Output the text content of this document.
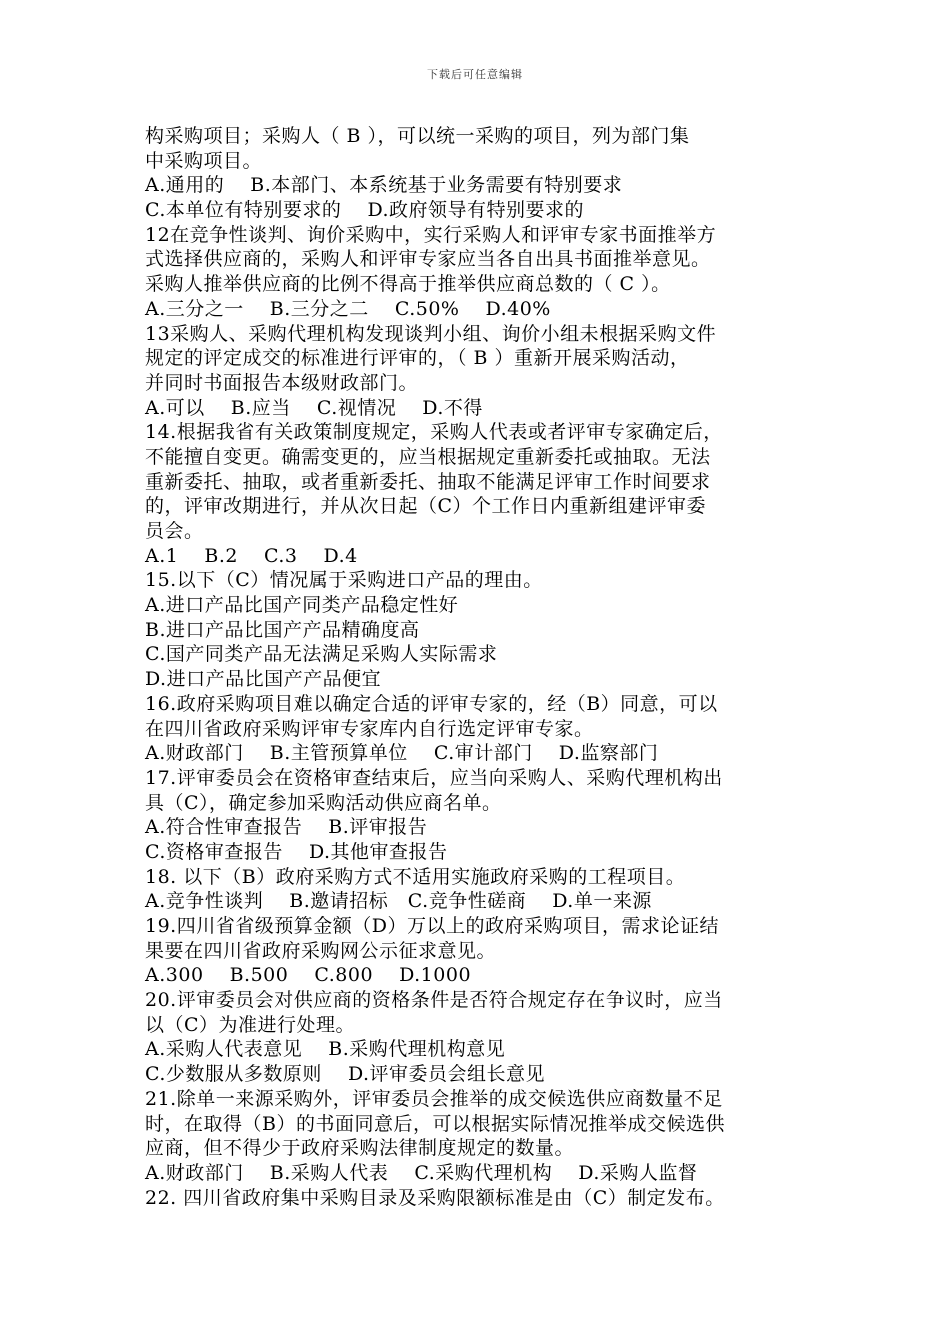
下载后可任意编辑
构采购项目；采购人（ B ），可以统一采购的项目，列为部门集
中采购项目。
A.通用的　 B.本部门、本系统基于业务需要有特别要求
C.本单位有特别要求的　 D.政府领导有特别要求的
12在竞争性谈判、询价采购中，实行采购人和评审专家书面推举方
式选择供应商的，采购人和评审专家应当各自出具书面推举意见。
采购人推举供应商的比例不得高于推举供应商总数的（ C ）。
A.三分之一　 B.三分之二　 C.50%　 D.40%
13采购人、采购代理机构发现谈判小组、询价小组未根据采购文件
规定的评定成交的标准进行评审的，（ B ）重新开展采购活动，
并同时书面报告本级财政部门。
A.可以　 B.应当　 C.视情况　 D.不得
14.根据我省有关政策制度规定，采购人代表或者评审专家确定后，
不能擅自变更。确需变更的，应当根据规定重新委托或抽取。无法
重新委托、抽取，或者重新委托、抽取不能满足评审工作时间要求
的，评审改期进行，并从次日起（C）个工作日内重新组建评审委
员会。
A.1　 B.2　 C.3　 D.4
15.以下（C）情况属于采购进口产品的理由。
A.进口产品比国产同类产品稳定性好
B.进口产品比国产产品精确度高
C.国产同类产品无法满足采购人实际需求
D.进口产品比国产产品便宜
16.政府采购项目难以确定合适的评审专家的，经（B）同意，可以
在四川省政府采购评审专家库内自行选定评审专家。
A.财政部门　 B.主管预算单位　 C.审计部门　 D.监察部门
17.评审委员会在资格审查结束后，应当向采购人、采购代理机构出
具（C），确定参加采购活动供应商名单。
A.符合性审查报告　 B.评审报告
C.资格审查报告　 D.其他审查报告
18. 以下（B）政府采购方式不适用实施政府采购的工程项目。
A.竞争性谈判　 B.邀请招标　C.竞争性磋商　 D.单一来源
19.四川省省级预算金额（D）万以上的政府采购项目，需求论证结
果要在四川省政府采购网公示征求意见。
A.300　 B.500　 C.800　 D.1000
20.评审委员会对供应商的资格条件是否符合规定存在争议时，应当
以（C）为准进行处理。
A.采购人代表意见　 B.采购代理机构意见
C.少数服从多数原则　 D.评审委员会组长意见
21.除单一来源采购外，评审委员会推举的成交候选供应商数量不足
时，在取得（B）的书面同意后，可以根据实际情况推举成交候选供
应商，但不得少于政府采购法律制度规定的数量。
A.财政部门　 B.采购人代表　 C.采购代理机构　 D.采购人监督
22. 四川省政府集中采购目录及采购限额标准是由（C）制定发布。
